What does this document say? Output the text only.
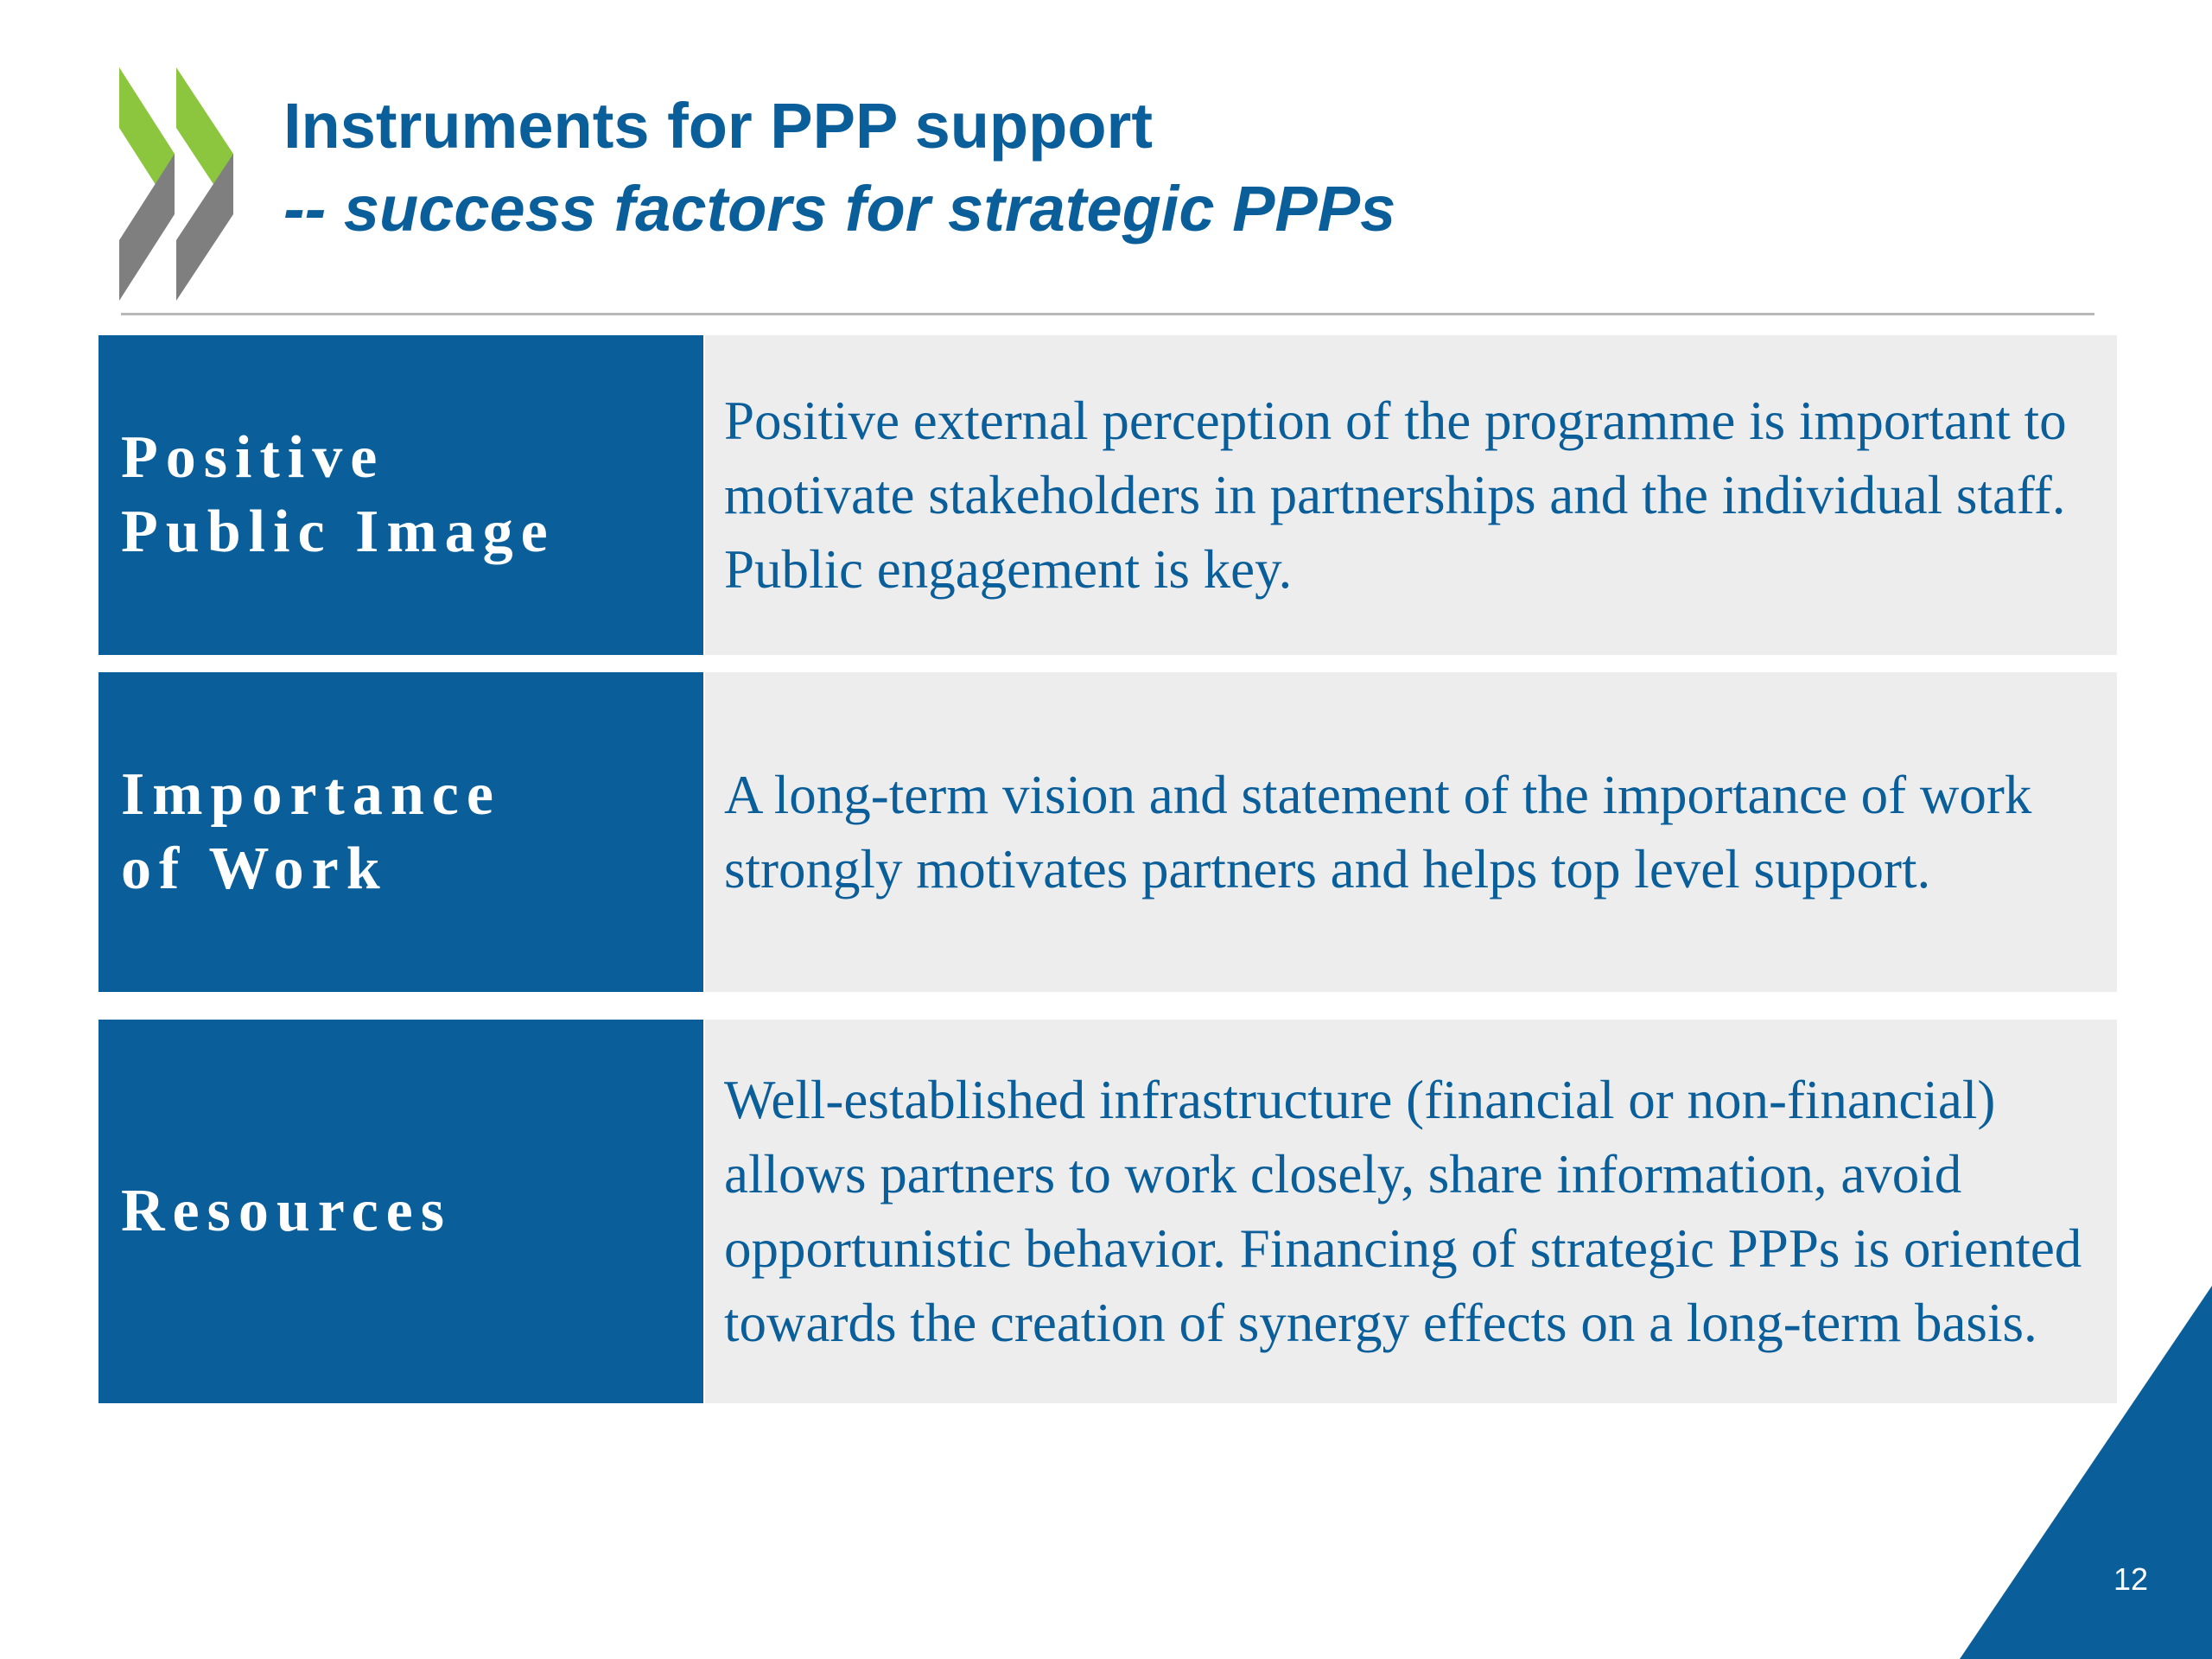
Instruments for PPP support
-- success factors for strategic PPPs
Positive
Public Image
Positive external perception of the programme is important to motivate stakeholders in partnerships and the individual staff. Public engagement is key.
Importance
of Work
A long-term vision and statement of the importance of work strongly motivates partners and helps top level support.
Resources
Well-established infrastructure (financial or non-financial) allows partners to work closely, share information, avoid opportunistic behavior. Financing of strategic PPPs is oriented towards the creation of synergy effects on a long-term basis.
12
